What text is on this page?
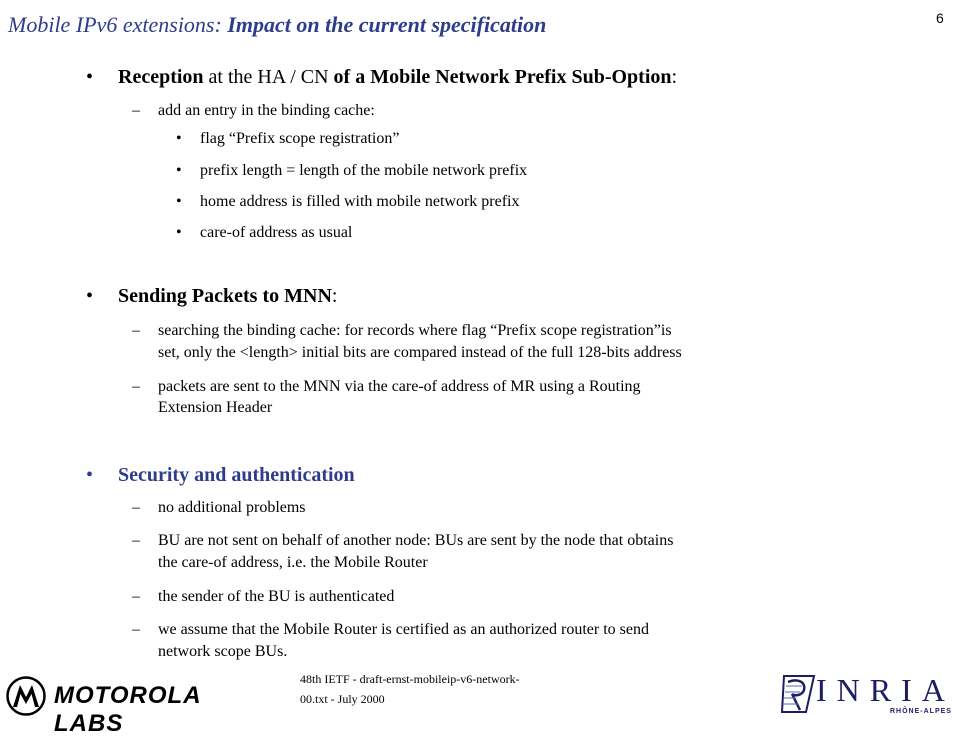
Mobile IPv6 extensions: Impact on the current specification	6
• Reception at the HA / CN of a Mobile Network Prefix Sub-Option:
– add an entry in the binding cache:
• flag “Prefix scope registration”
• prefix length = length of the mobile network prefix
• home address is filled with mobile network prefix
• care-of address as usual
• Sending Packets to MNN:
– searching the binding cache: for records where flag “Prefix scope registration”is
set, only the <length> initial bits are compared instead of the full 128-bits address
– packets are sent to the MNN via the care-of address of MR using a Routing
Extension Header
• Security and authentication
– no additional problems
– BU are not sent on behalf of another node: BUs are sent by the node that obtains
the care-of address, i.e. the Mobile Router
– the sender of the BU is authenticated
– we assume that the Mobile Router is certified as an authorized router to send
network scope BUs.
MOTOROLA LABS
48th IETF - draft-ernst-mobileip-v6-network-
00.txt - July 2000	INRIA
RHÔNE-ALPES
